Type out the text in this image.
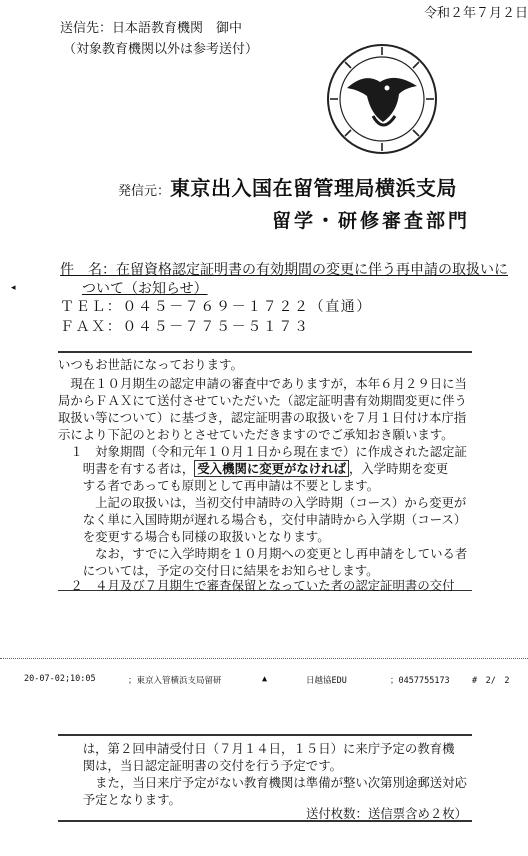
令和２年７月２日
送信先：日本語教育機関　御中
（対象教育機関以外は参考送付）
発信元：東京出入国在留管理局横浜支局
留学・研修審査部門
件　名：在留資格認定証明書の有効期間の変更に伴う再申請の取扱いに
ついて（お知らせ）
◂
ＴＥＬ：０４５－７６９－１７２２（直通）
ＦＡＸ：０４５－７７５－５１７３
いつもお世話になっております。
　現在１０月期生の認定申請の審査中でありますが，本年６月２９日に当
局からＦＡＸにて送付させていただいた（認定証明書有効期間変更に伴う
取扱い等について）に基づき，認定証明書の取扱いを７月１日付け本庁指
示により下記のとおりとさせていただきますのでご承知おき願います。
　１　対象期間（令和元年１０月１日から現在まで）に作成された認定証
　　明書を有する者は， 受入機関に変更がなければ ，入学時期を変更
　　する者であっても原則として再申請は不要とします。
　　　上記の取扱いは，当初交付申請時の入学時期（コース）から変更が
　　なく単に入国時期が遅れる場合も，交付申請時から入学期（コース）
　　を変更する場合も同様の取扱いとなります。
　　　なお，すでに入学時期を１０月期への変更とし再申請をしている者
　　については，予定の交付日に結果をお知らせします。
　２　４月及び７月期生で審査保留となっていた者の認定証明書の交付
20-07-02;10:05	；東京入管横浜支局留研	▲	日越協EDU	；0457755173	#　2/　2
　　は，第２回申請受付日（７月１４日，１５日）に来庁予定の教育機
　　関は，当日認定証明書の交付を行う予定です。
　　　また，当日来庁予定がない教育機関は準備が整い次第別途郵送対応
　　予定となります。
送付枚数：送信票含め２枚）
